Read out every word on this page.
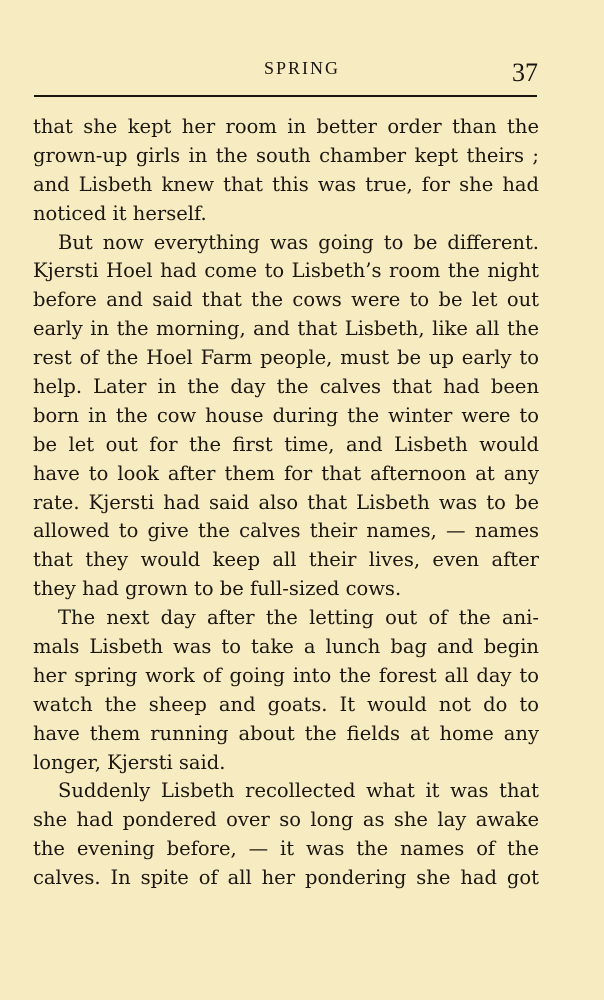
SPRING	37
that she kept her room in better order than the
grown-up girls in the south chamber kept theirs ;
and Lisbeth knew that this was true, for she had
noticed it herself.
But now everything was going to be different.
Kjersti Hoel had come to Lisbeth’s room the night
before and said that the cows were to be let out
early in the morning, and that Lisbeth, like all the
rest of the Hoel Farm people, must be up early to
help. Later in the day the calves that had been
born in the cow house during the winter were to
be let out for the first time, and Lisbeth would
have to look after them for that afternoon at any
rate. Kjersti had said also that Lisbeth was to be
allowed to give the calves their names, — names
that they would keep all their lives, even after
they had grown to be full-sized cows.
The next day after the letting out of the ani-
mals Lisbeth was to take a lunch bag and begin
her spring work of going into the forest all day to
watch the sheep and goats. It would not do to
have them running about the fields at home any
longer, Kjersti said.
Suddenly Lisbeth recollected what it was that
she had pondered over so long as she lay awake
the evening before, — it was the names of the
calves. In spite of all her pondering she had got
